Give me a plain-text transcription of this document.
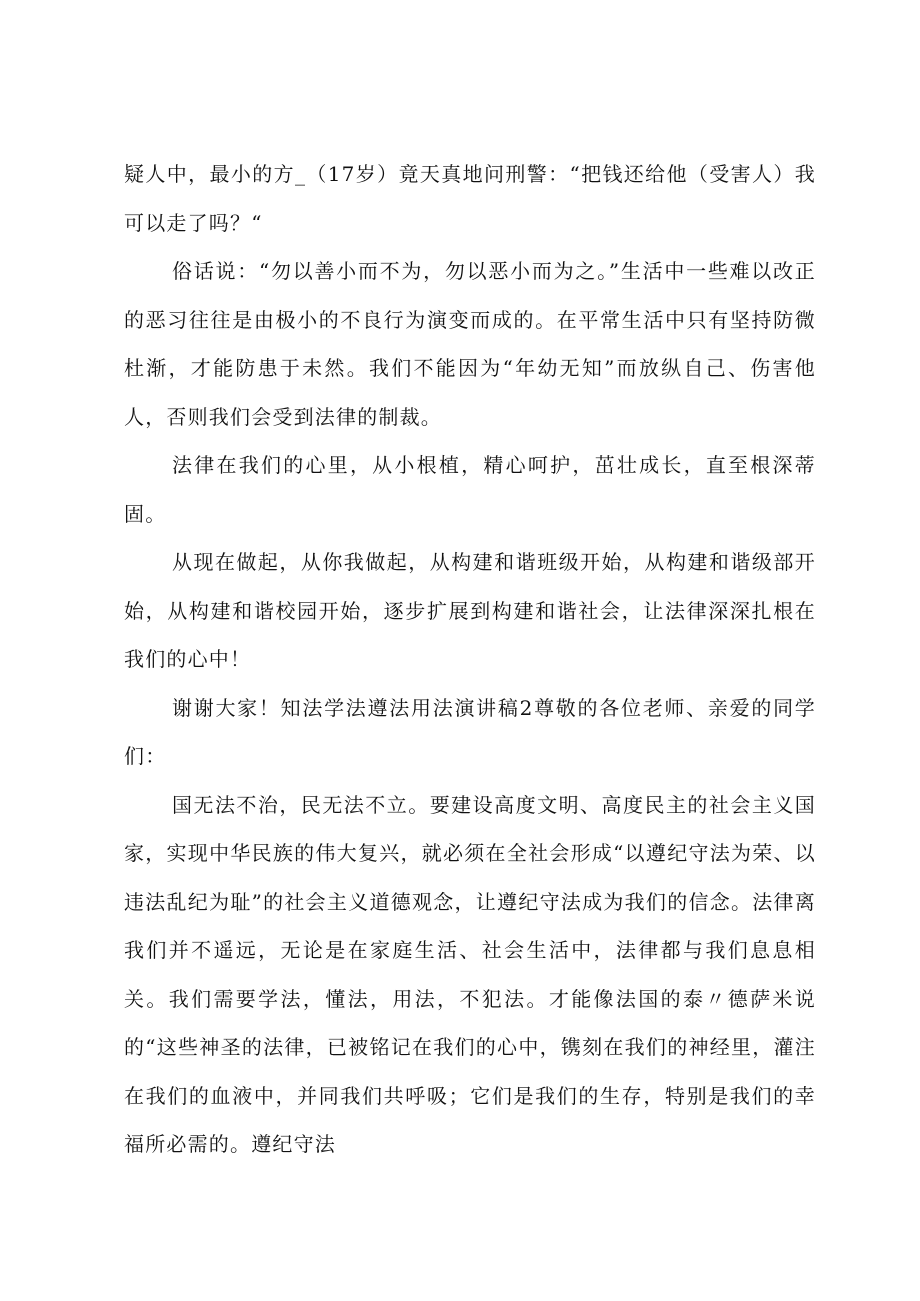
疑人中，最小的方_（17岁）竟天真地问刑警：“把钱还给他（受害人）我可以走了吗？“

俗话说：“勿以善小而不为，勿以恶小而为之。”生活中一些难以改正的恶习往往是由极小的不良行为演变而成的。在平常生活中只有坚持防微杜渐，才能防患于未然。我们不能因为“年幼无知”而放纵自己、伤害他人，否则我们会受到法律的制裁。

法律在我们的心里，从小根植，精心呵护，茁壮成长，直至根深蒂固。

从现在做起，从你我做起，从构建和谐班级开始，从构建和谐级部开始，从构建和谐校园开始，逐步扩展到构建和谐社会，让法律深深扎根在我们的心中！

谢谢大家！知法学法遵法用法演讲稿2尊敬的各位老师、亲爱的同学们：

国无法不治，民无法不立。要建设高度文明、高度民主的社会主义国家，实现中华民族的伟大复兴，就必须在全社会形成“以遵纪守法为荣、以违法乱纪为耻”的社会主义道德观念，让遵纪守法成为我们的信念。法律离我们并不遥远，无论是在家庭生活、社会生活中，法律都与我们息息相关。我们需要学法，懂法，用法，不犯法。才能像法国的泰〃德萨米说的“这些神圣的法律，已被铭记在我们的心中，镌刻在我们的神经里，灌注在我们的血液中，并同我们共呼吸；它们是我们的生存，特别是我们的幸福所必需的。遵纪守法
